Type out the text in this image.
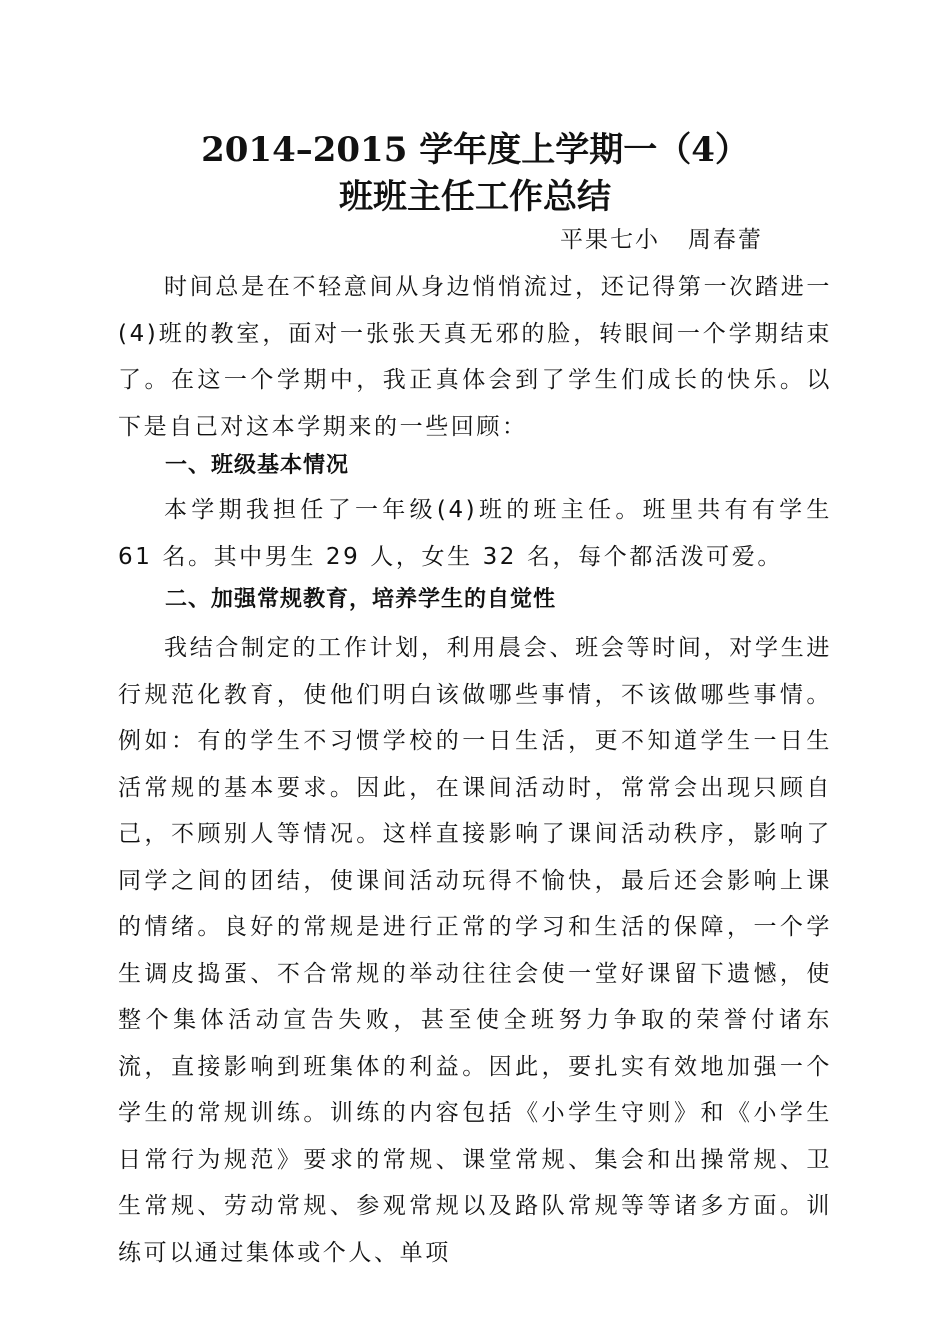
2014–2015 学年度上学期一（4）
班班主任工作总结
平果七小   周春蕾

时间总是在不轻意间从身边悄悄流过，还记得第一次踏进一(4)班的教室，面对一张张天真无邪的脸，转眼间一个学期结束了。在这一个学期中，我正真体会到了学生们成长的快乐。以下是自己对这本学期来的一些回顾：

一、班级基本情况

本学期我担任了一年级(4)班的班主任。班里共有有学生 61 名。其中男生 29 人，女生 32 名，每个都活泼可爱。

二、加强常规教育，培养学生的自觉性

我结合制定的工作计划，利用晨会、班会等时间，对学生进行规范化教育，使他们明白该做哪些事情，不该做哪些事情。例如：有的学生不习惯学校的一日生活，更不知道学生一日生活常规的基本要求。因此，在课间活动时，常常会出现只顾自己，不顾别人等情况。这样直接影响了课间活动秩序，影响了同学之间的团结，使课间活动玩得不愉快，最后还会影响上课的情绪。良好的常规是进行正常的学习和生活的保障，一个学生调皮捣蛋、不合常规的举动往往会使一堂好课留下遗憾，使整个集体活动宣告失败，甚至使全班努力争取的荣誉付诸东流，直接影响到班集体的利益。因此，要扎实有效地加强一个学生的常规训练。训练的内容包括《小学生守则》和《小学生日常行为规范》要求的常规、课堂常规、集会和出操常规、卫生常规、劳动常规、参观常规以及路队常规等等诸多方面。训练可以通过集体或个人、单项
